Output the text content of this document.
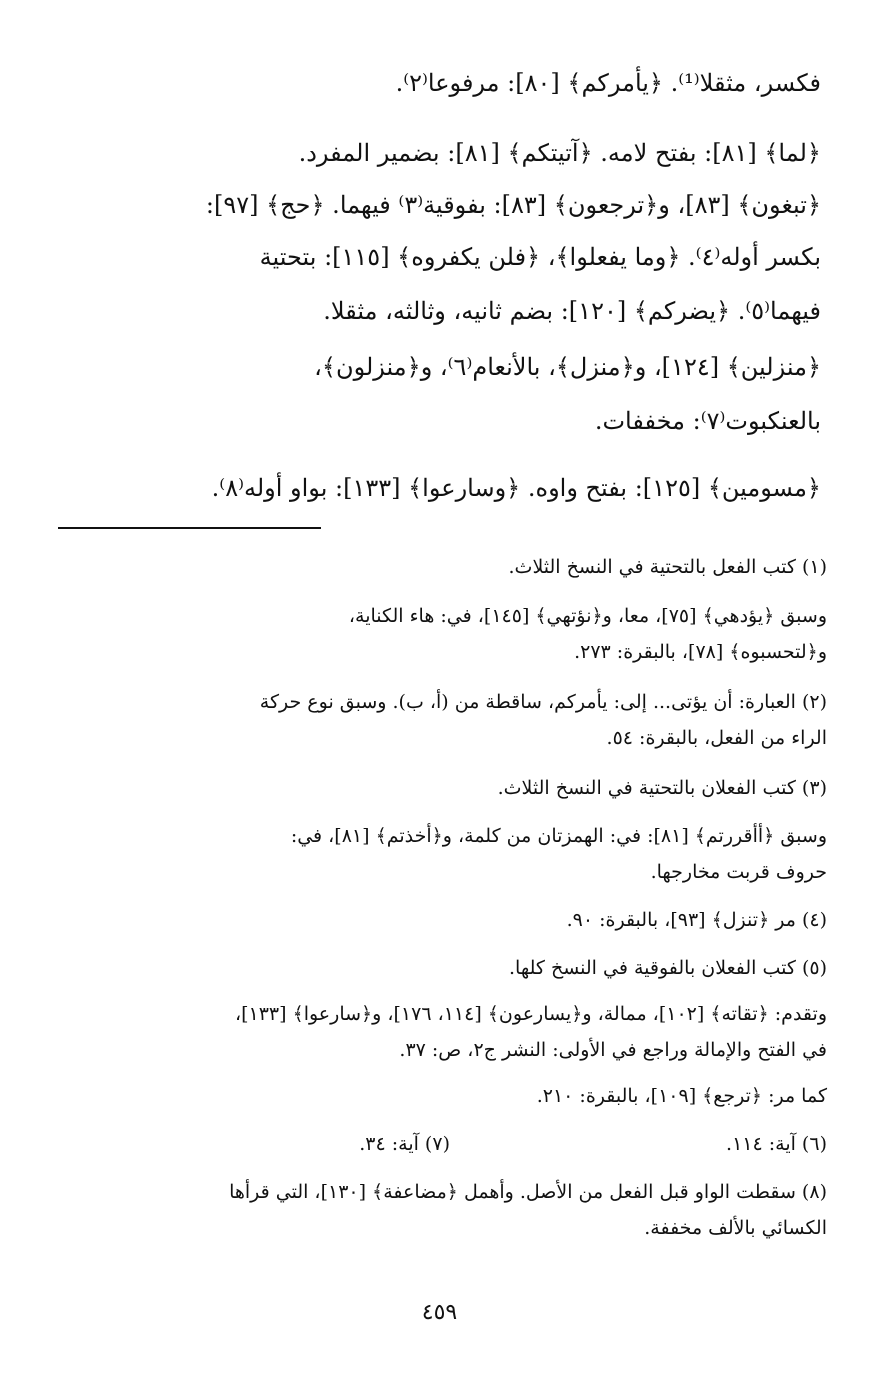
فكسر، مثقلا⁽¹⁾. ﴿يأمركم﴾ [٨٠]: مرفوعا⁽٢⁾.
﴿لما﴾ [٨١]: بفتح لامه. ﴿آتيتكم﴾ [٨١]: بضمير المفرد.
﴿تبغون﴾ [٨٣]، و﴿ترجعون﴾ [٨٣]: بفوقية⁽٣⁾ فيهما. ﴿حج﴾ [٩٧]:
بكسر أوله⁽٤⁾. ﴿وما يفعلوا﴾، ﴿فلن يكفروه﴾ [١١٥]: بتحتية
فيهما⁽٥⁾. ﴿يضركم﴾ [١٢٠]: بضم ثانيه، وثالثه، مثقلا.
﴿منزلين﴾ [١٢٤]، و﴿منزل﴾، بالأنعام⁽٦⁾، و﴿منزلون﴾،
بالعنكبوت⁽٧⁾: مخففات.
﴿مسومين﴾ [١٢٥]: بفتح واوه. ﴿وسارعوا﴾ [١٣٣]: بواو أوله⁽٨⁾.
(١) كتب الفعل بالتحتية في النسخ الثلاث.
وسبق ﴿يؤدهي﴾ [٧٥]، معا، و﴿نؤتهي﴾ [١٤٥]، في: هاء الكناية،
و﴿لتحسبوه﴾ [٧٨]، بالبقرة: ٢٧٣.
(٢) العبارة: أن يؤتى... إلى: يأمركم، ساقطة من (أ، ب). وسبق نوع حركة
الراء من الفعل، بالبقرة: ٥٤.
(٣) كتب الفعلان بالتحتية في النسخ الثلاث.
وسبق ﴿أأقررتم﴾ [٨١]: في: الهمزتان من كلمة، و﴿أخذتم﴾ [٨١]، في:
حروف قربت مخارجها.
(٤) مر ﴿تنزل﴾ [٩٣]، بالبقرة: ٩٠.
(٥) كتب الفعلان بالفوقية في النسخ كلها.
وتقدم: ﴿تقاته﴾ [١٠٢]، ممالة، و﴿يسارعون﴾ [١١٤، ١٧٦]، و﴿سارعوا﴾ [١٣٣]،
في الفتح والإمالة وراجع في الأولى: النشر ج٢، ص: ٣٧.
كما مر: ﴿ترجع﴾ [١٠٩]، بالبقرة: ٢١٠.
(٦) آية: ١١٤.
(٧) آية: ٣٤.
(٨) سقطت الواو قبل الفعل من الأصل. وأهمل ﴿مضاعفة﴾ [١٣٠]، التي قرأها
الكسائي بالألف مخففة.
٤٥٩
